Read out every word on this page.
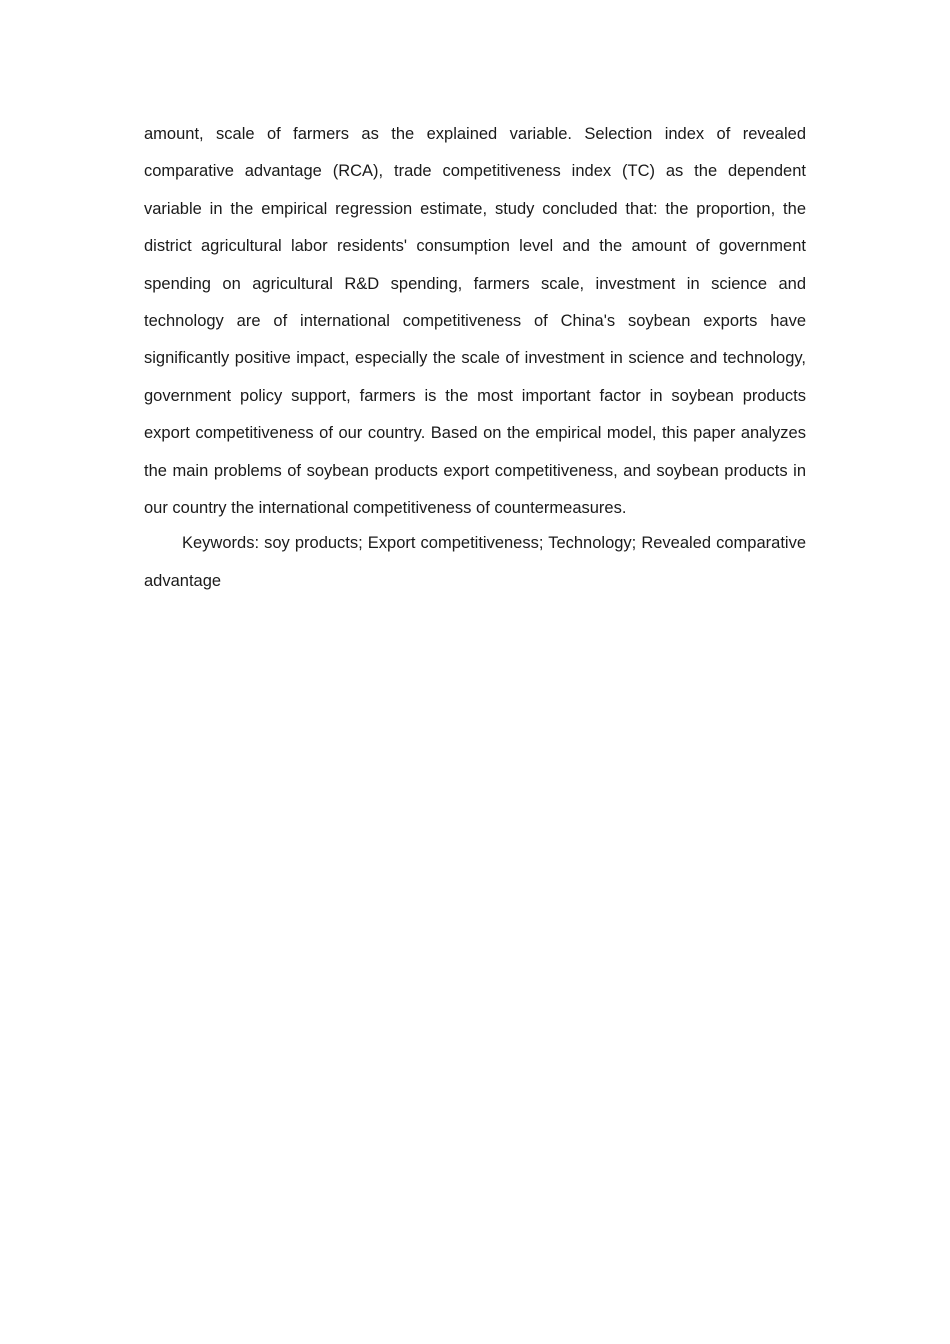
amount, scale of farmers as the explained variable. Selection index of revealed comparative advantage (RCA), trade competitiveness index (TC) as the dependent variable in the empirical regression estimate, study concluded that: the proportion, the district agricultural labor residents' consumption level and the amount of government spending on agricultural R&D spending, farmers scale, investment in science and technology are of international competitiveness of China's soybean exports have significantly positive impact, especially the scale of investment in science and technology, government policy support, farmers is the most important factor in soybean products export competitiveness of our country. Based on the empirical model, this paper analyzes the main problems of soybean products export competitiveness, and soybean products in our country the international competitiveness of countermeasures.

Keywords: soy products; Export competitiveness; Technology; Revealed comparative advantage
